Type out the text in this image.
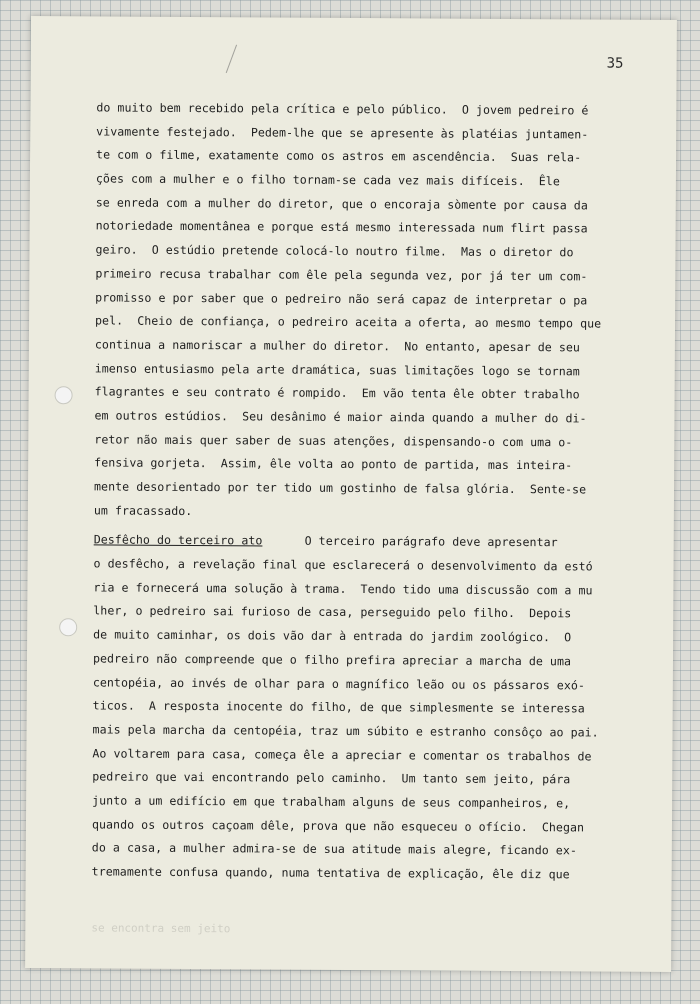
35
do muito bem recebido pela crítica e pelo público.  O jovem pedreiro é
vivamente festejado.  Pedem-lhe que se apresente às platéias juntamen-
te com o filme, exatamente como os astros em ascendência.  Suas rela-
ções com a mulher e o filho tornam-se cada vez mais difíceis.  Êle
se enreda com a mulher do diretor, que o encoraja sòmente por causa da
notoriedade momentânea e porque está mesmo interessada num flirt passa
geiro.  O estúdio pretende colocá-lo noutro filme.  Mas o diretor do
primeiro recusa trabalhar com êle pela segunda vez, por já ter um com-
promisso e por saber que o pedreiro não será capaz de interpretar o pa
pel.  Cheio de confiança, o pedreiro aceita a oferta, ao mesmo tempo que
continua a namoriscar a mulher do diretor.  No entanto, apesar de seu
imenso entusiasmo pela arte dramática, suas limitações logo se tornam
flagrantes e seu contrato é rompido.  Em vão tenta êle obter trabalho
em outros estúdios.  Seu desânimo é maior ainda quando a mulher do di-
retor não mais quer saber de suas atenções, dispensando-o com uma o-
fensiva gorjeta.  Assim, êle volta ao ponto de partida, mas inteira-
mente desorientado por ter tido um gostinho de falsa glória.  Sente-se
um fracassado.
Desfêcho do terceiro ato      O terceiro parágrafo deve apresentar
o desfêcho, a revelação final que esclarecerá o desenvolvimento da estó
ria e fornecerá uma solução à trama.  Tendo tido uma discussão com a mu
lher, o pedreiro sai furioso de casa, perseguido pelo filho.  Depois
de muito caminhar, os dois vão dar à entrada do jardim zoológico.  O
pedreiro não compreende que o filho prefira apreciar a marcha de uma
centopéia, ao invés de olhar para o magnífico leão ou os pássaros exó-
ticos.  A resposta inocente do filho, de que simplesmente se interessa
mais pela marcha da centopéia, traz um súbito e estranho consôço ao pai.
Ao voltarem para casa, começa êle a apreciar e comentar os trabalhos de
pedreiro que vai encontrando pelo caminho.  Um tanto sem jeito, pára
junto a um edifício em que trabalham alguns de seus companheiros, e,
quando os outros caçoam dêle, prova que não esqueceu o ofício.  Chegan
do a casa, a mulher admira-se de sua atitude mais alegre, ficando ex-
tremamente confusa quando, numa tentativa de explicação, êle diz que
se encontra sem jeito
